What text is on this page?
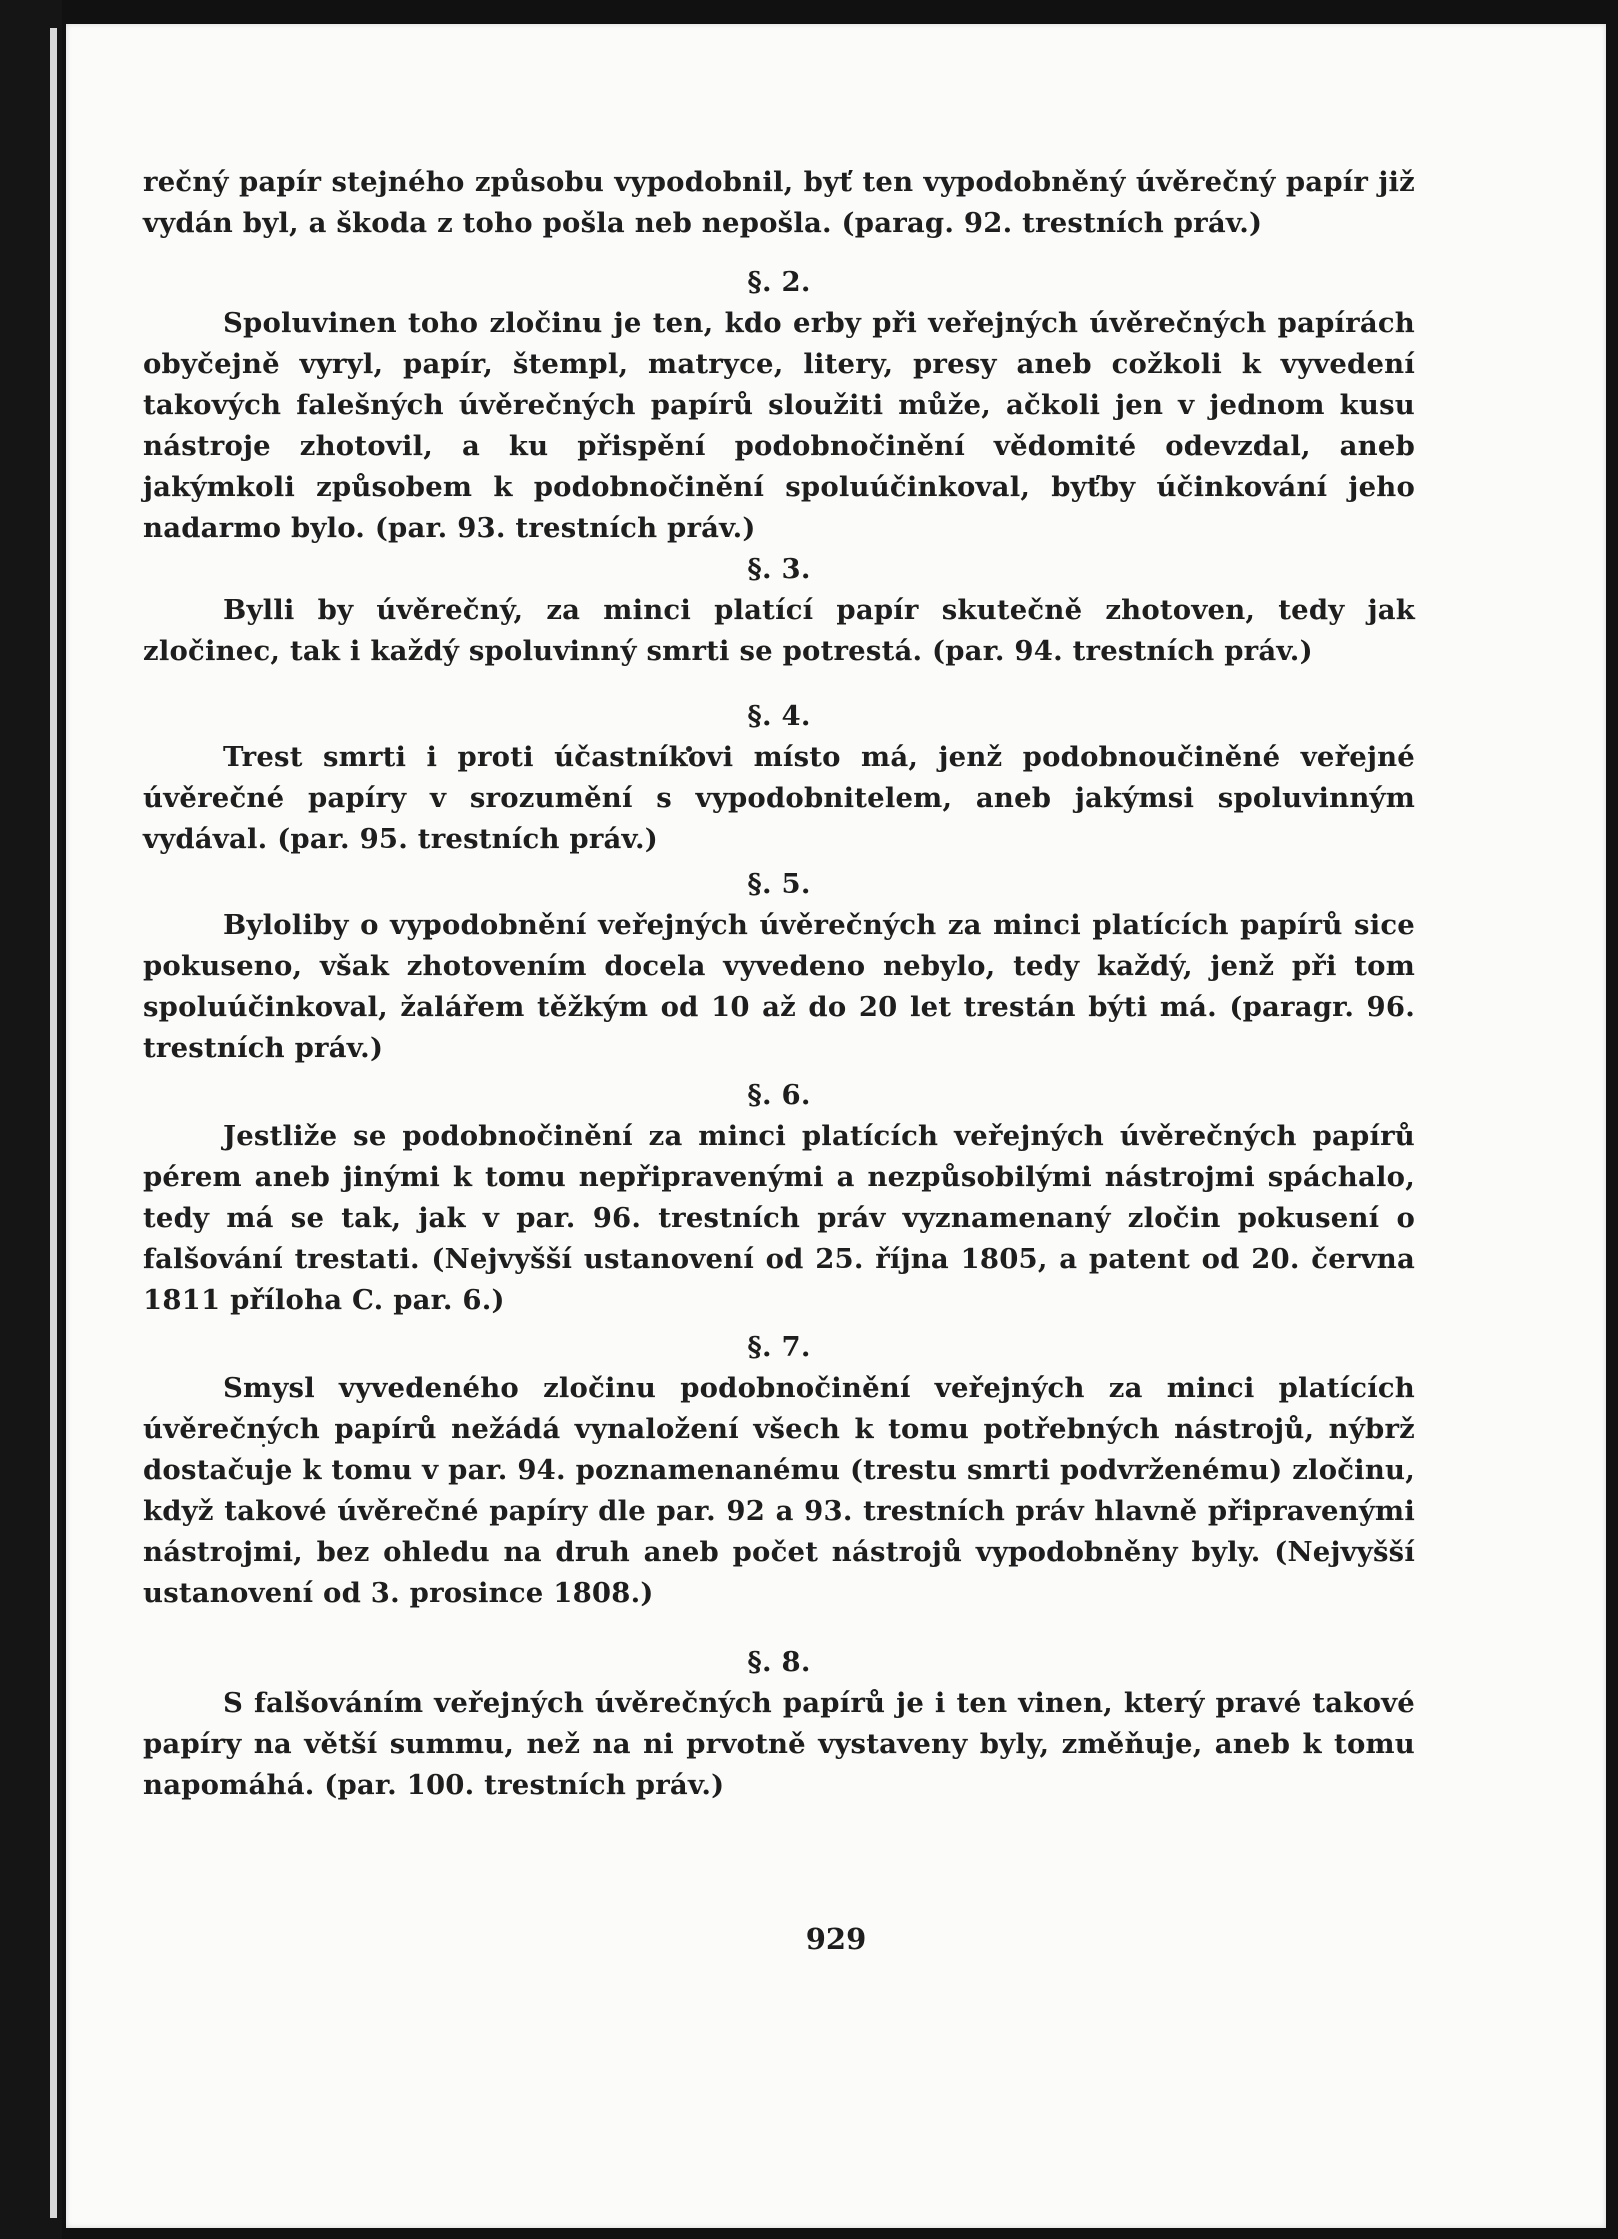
rečný papír stejného způsobu vypodobnil, byť ten vypodobněný úvěrečný papír již vydán byl, a škoda z toho pošla neb nepošla. (parag. 92. trestních práv.)

§. 2.

Spoluvinen toho zločinu je ten, kdo erby při veřejných úvěrečných papírách obyčejně vyryl, papír, štempl, matryce, litery, presy aneb cožkoli k vyvedení takových falešných úvěrečných papírů sloužiti může, ačkoli jen v jednom kusu nástroje zhotovil, a ku přispění podobnočinění vědomité odevzdal, aneb jakýmkoli způsobem k podobnočinění spoluúčinkoval, byťby účinkování jeho nadarmo bylo. (par. 93. trestních práv.)

§. 3.

Bylli by úvěrečný, za minci platící papír skutečně zhotoven, tedy jak zločinec, tak i každý spoluvinný smrti se potrestá. (par. 94. trestních práv.)

§. 4.

Trest smrti i proti účastníkovi místo má, jenž podobnoučiněné veřejné úvěrečné papíry v srozumění s vypodobnitelem, aneb jakýmsi spoluvinným vydával. (par. 95. trestních práv.)

§. 5.

Byloliby o vypodobnění veřejných úvěrečných za minci platících papírů sice pokuseno, však zhotovením docela vyvedeno nebylo, tedy každý, jenž při tom spoluúčinkoval, žalářem těžkým od 10 až do 20 let trestán býti má. (paragr. 96. trestních práv.)

§. 6.

Jestliže se podobnočinění za minci platících veřejných úvěrečných papírů pérem aneb jinými k tomu nepřipravenými a nezpůsobilými nástrojmi spáchalo, tedy má se tak, jak v par. 96. trestních práv vyznamenaný zločin pokusení o falšování trestati. (Nejvyšší ustanovení od 25. října 1805, a patent od 20. června 1811 příloha C. par. 6.)

§. 7.

Smysl vyvedeného zločinu podobnočinění veřejných za minci platících úvěrečných papírů nežádá vynaložení všech k tomu potřebných nástrojů, nýbrž dostačuje k tomu v par. 94. poznamenanému (trestu smrti podvrženému) zločinu, když takové úvěrečné papíry dle par. 92 a 93. trestních práv hlavně připravenými nástrojmi, bez ohledu na druh aneb počet nástrojů vypodobněny byly. (Nejvyšší ustanovení od 3. prosince 1808.)

§. 8.

S falšováním veřejných úvěrečných papírů je i ten vinen, který pravé takové papíry na větší summu, než na ni prvotně vystaveny byly, změňuje, aneb k tomu napomáhá. (par. 100. trestních práv.)

929
